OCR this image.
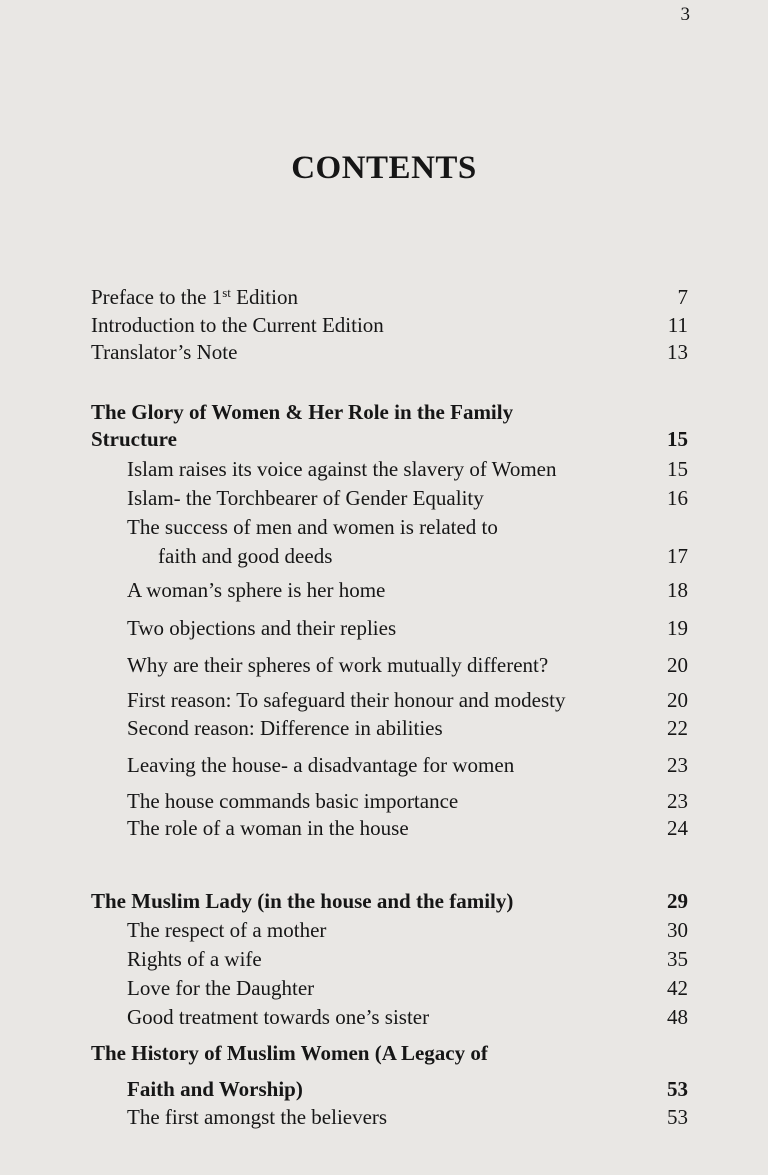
3
CONTENTS
Preface to the 1st Edition	7
Introduction to the Current Edition	11
Translator’s Note	13
The Glory of Women & Her Role in the Family
Structure	15
Islam raises its voice against the slavery of Women	15
Islam- the Torchbearer of Gender Equality	16
The success of men and women is related to
faith and good deeds	17
A woman’s sphere is her home	18
Two objections and their replies	19
Why are their spheres of work mutually different?	20
First reason: To safeguard their honour and modesty	20
Second reason: Difference in abilities	22
Leaving the house- a disadvantage for women	23
The house commands basic importance	23
The role of a woman in the house	24
The Muslim Lady (in the house and the family)	29
The respect of a mother	30
Rights of a wife	35
Love for the Daughter	42
Good treatment towards one’s sister	48
The History of Muslim Women (A Legacy of
Faith and Worship)	53
The first amongst the believers	53
